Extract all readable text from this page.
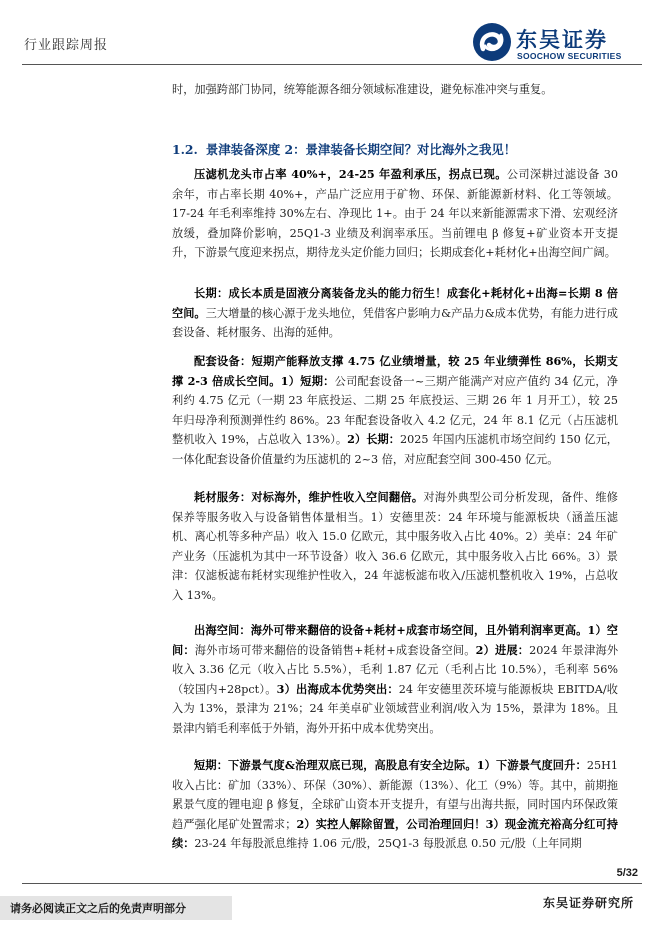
行业跟踪周报	东吴证券
SOOCHOW SECURITIES
时，加强跨部门协同，统筹能源各细分领域标准建设，避免标准冲突与重复。
1.2. 景津装备深度 2：景津装备长期空间？对比海外之我见！
压滤机龙头市占率 40%+，24-25 年盈利承压，拐点已现。公司深耕过滤设备 30 余年，市占率长期 40%+，产品广泛应用于矿物、环保、新能源新材料、化工等领域。17-24 年毛利率维持 30%左右、净现比 1+。由于 24 年以来新能源需求下滑、宏观经济放缓，叠加降价影响，25Q1-3 业绩及利润率承压。当前锂电 β 修复+矿业资本开支提升，下游景气度迎来拐点，期待龙头定价能力回归；长期成套化+耗材化+出海空间广阔。
长期：成长本质是固液分离装备龙头的能力衍生！成套化+耗材化+出海=长期 8 倍空间。三大增量的核心源于龙头地位，凭借客户影响力&产品力&成本优势，有能力进行成套设备、耗材服务、出海的延伸。
配套设备：短期产能释放支撑 4.75 亿业绩增量，较 25 年业绩弹性 86%，长期支撑 2-3 倍成长空间。1）短期：公司配套设备一~三期产能满产对应产值约 34 亿元，净利约 4.75 亿元（一期 23 年底投运、二期 25 年底投运、三期 26 年 1 月开工），较 25 年归母净利预测弹性约 86%。23 年配套设备收入 4.2 亿元，24 年 8.1 亿元（占压滤机整机收入 19%，占总收入 13%）。2）长期：2025 年国内压滤机市场空间约 150 亿元，一体化配套设备价值量约为压滤机的 2~3 倍，对应配套空间 300-450 亿元。
耗材服务：对标海外，维护性收入空间翻倍。对海外典型公司分析发现，备件、维修保养等服务收入与设备销售体量相当。1）安德里茨：24 年环境与能源板块（涵盖压滤机、离心机等多种产品）收入 15.0 亿欧元，其中服务收入占比 40%。2）美卓：24 年矿产业务（压滤机为其中一环节设备）收入 36.6 亿欧元，其中服务收入占比 66%。3）景津：仅滤板滤布耗材实现维护性收入，24 年滤板滤布收入/压滤机整机收入 19%，占总收入 13%。
出海空间：海外可带来翻倍的设备+耗材+成套市场空间，且外销利润率更高。1）空间：海外市场可带来翻倍的设备销售+耗材+成套设备空间。2）进展：2024 年景津海外收入 3.36 亿元（收入占比 5.5%），毛利 1.87 亿元（毛利占比 10.5%），毛利率 56%（较国内+28pct）。3）出海成本优势突出：24 年安德里茨环境与能源板块 EBITDA/收入为 13%，景津为 21%；24 年美卓矿业领域营业利润/收入为 15%，景津为 18%。且景津内销毛利率低于外销，海外开拓中成本优势突出。
短期：下游景气度&治理双底已现，高股息有安全边际。1）下游景气度回升：25H1 收入占比：矿加（33%）、环保（30%）、新能源（13%）、化工（9%）等。其中，前期拖累景气度的锂电迎 β 修复，全球矿山资本开支提升，有望与出海共振，同时国内环保政策趋严强化尾矿处置需求；2）实控人解除留置，公司治理回归！3）现金流充裕高分红可持续：23-24 年每股派息维持 1.06 元/股，25Q1-3 每股派息 0.50 元/股（上年同期
5/32
请务必阅读正文之后的免责声明部分	东吴证券研究所
